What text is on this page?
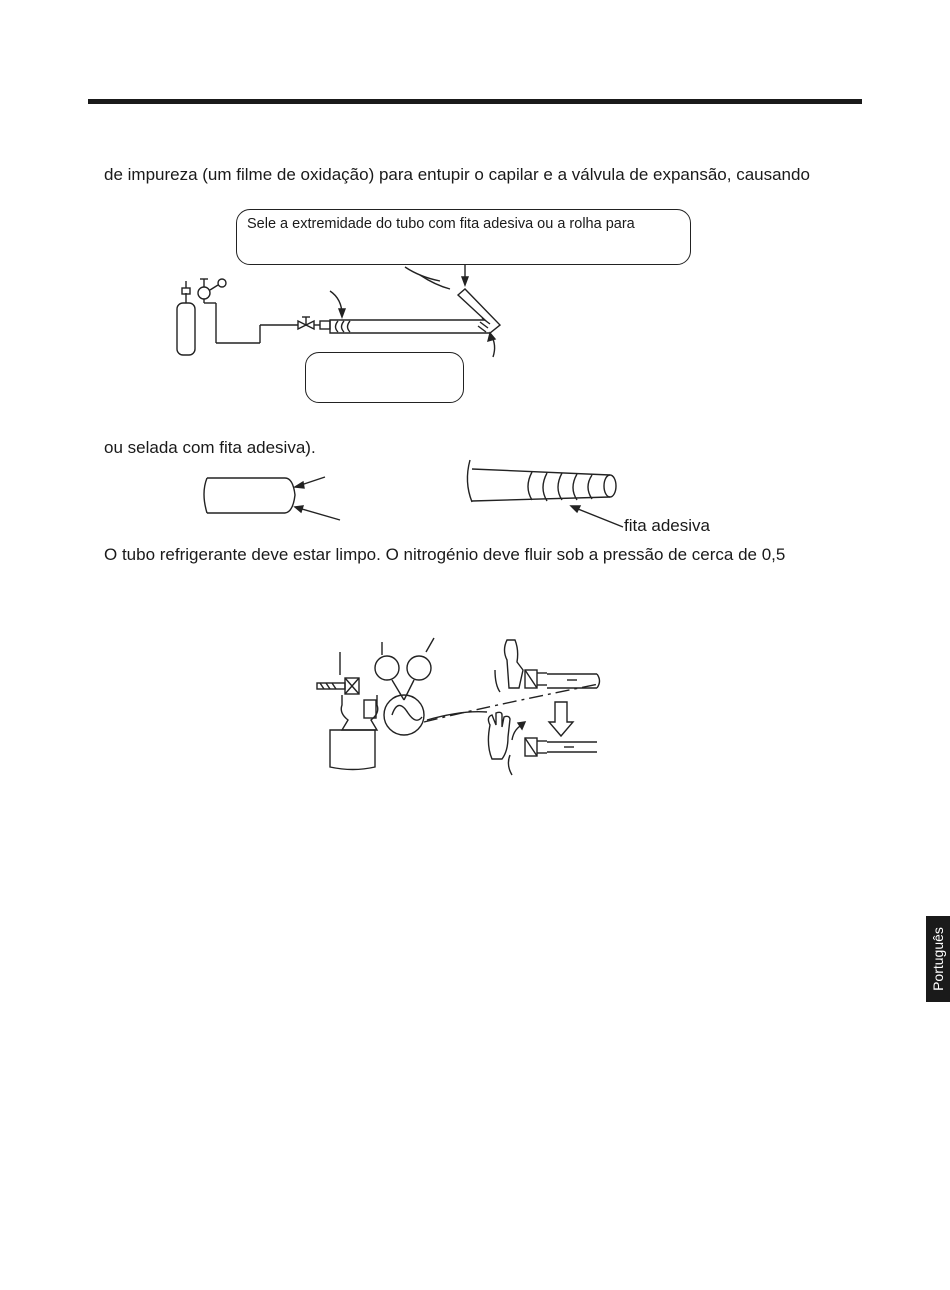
de impureza (um filme de oxidação) para entupir o capilar e a válvula de expansão, causando
Sele a extremidade do tubo com fita adesiva ou a rolha para
ou selada com fita adesiva).
fita adesiva
O tubo refrigerante deve estar limpo. O nitrogénio deve fluir sob a pressão de cerca de 0,5
Português
